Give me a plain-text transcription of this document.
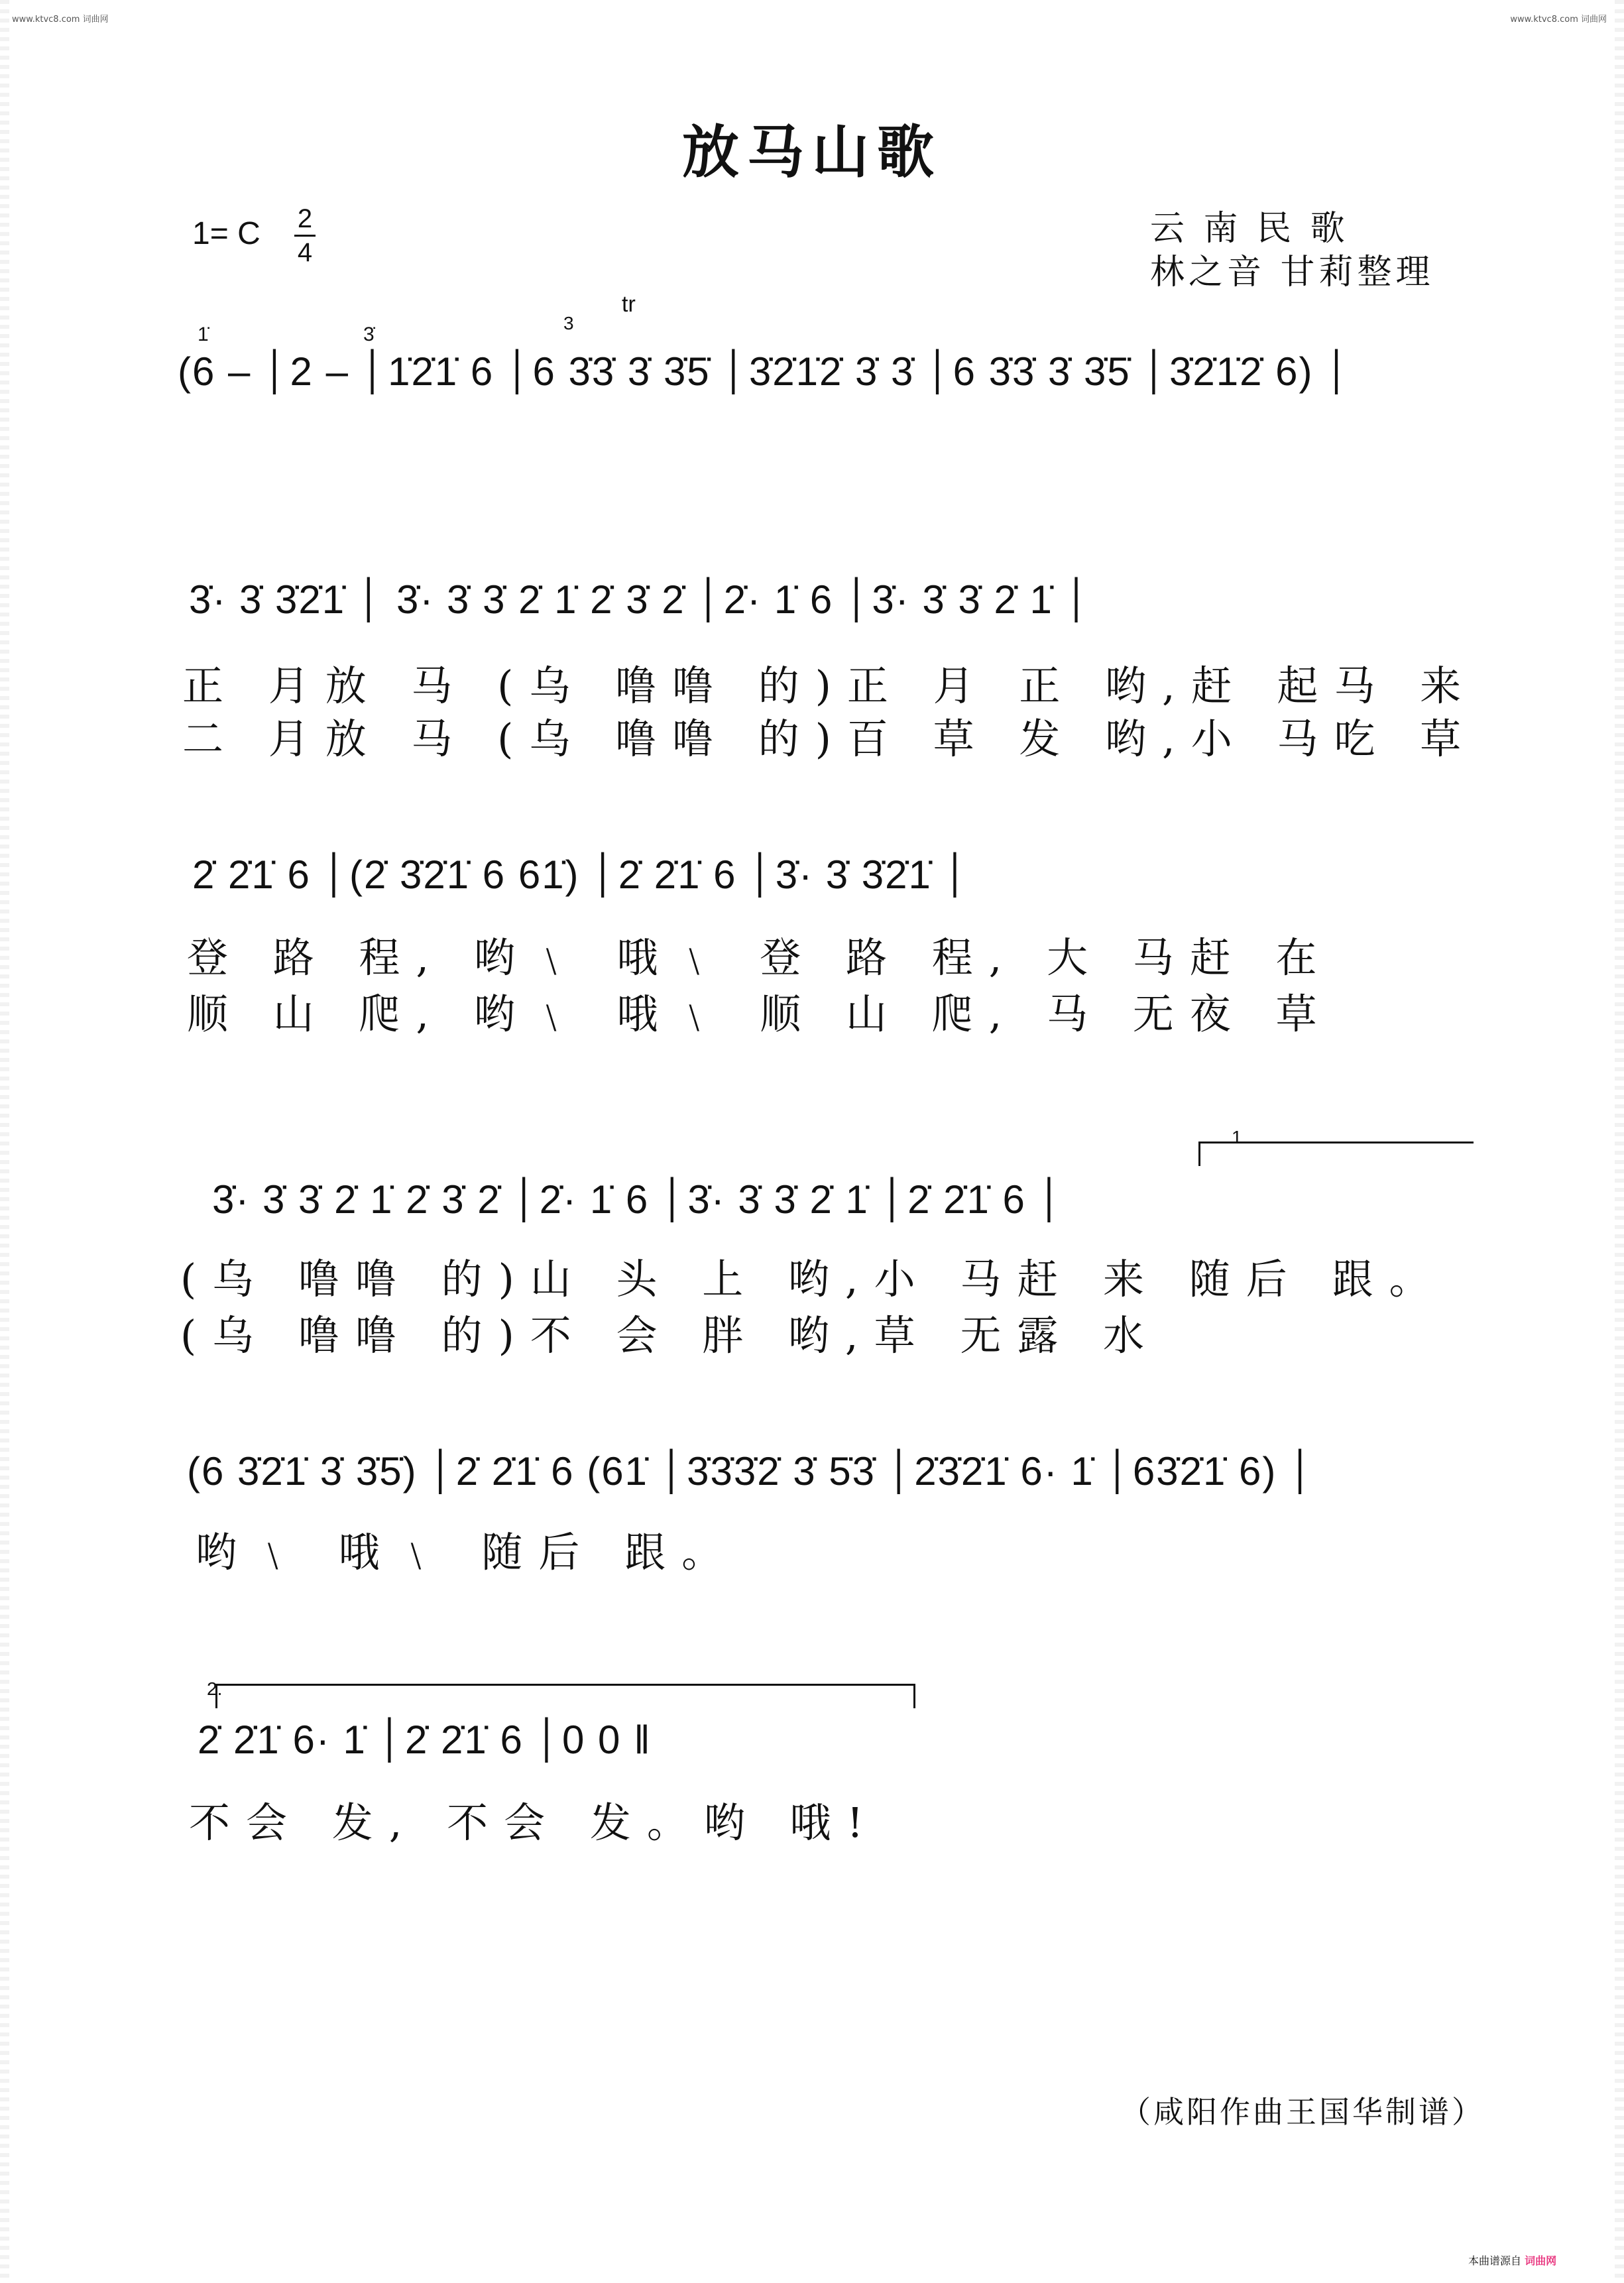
www.ktvc8.com 词曲网	www.ktvc8.com 词曲网
放马山歌
1= C 2
4
云 南 民 歌
林之音 甘莉整理
1̇	3̇
3
tr
(6 – │2 – │1̇2̇1̇ 6 │6 3̇3̇ 3̇ 3̇5̇ │3̇2̇1̇2̇ 3̇ 3̇ │6 3̇3̇ 3̇ 3̇5̇ │3̇2̇1̇2̇ 6) │
3̇· 3̇ 3̇2̇1̇ │ 3̇· 3̇ 3̇ 2̇ 1̇ 2̇ 3̇ 2̇ │2̇· 1̇ 6 │3̇· 3̇ 3̇ 2̇ 1̇ │
正 月放 马 (乌 噜噜 的)正 月 正 哟,赶 起马 来
二 月放 马 (乌 噜噜 的)百 草 发 哟,小 马吃 草
2̇ 2̇1̇ 6 │(2̇ 3̇2̇1̇ 6 61̇) │2̇ 2̇1̇ 6 │3̇· 3̇ 3̇2̇1̇ │
登 路 程, 哟﹨ 哦﹨ 登 路 程, 大 马赶 在
顺 山 爬, 哟﹨ 哦﹨ 顺 山 爬, 马 无夜 草
1.
3̇· 3̇ 3̇ 2̇ 1̇ 2̇ 3̇ 2̇ │2̇· 1̇ 6 │3̇· 3̇ 3̇ 2̇ 1̇ │2̇ 2̇1̇ 6 │
(乌 噜噜 的)山 头 上 哟,小 马赶 来 随后 跟。
(乌 噜噜 的)不 会 胖 哟,草 无露 水
(6 3̇2̇1̇ 3̇ 3̇5̇) │2̇ 2̇1̇ 6 (61̇ │3̇3̇3̇2̇ 3̇ 5̇3̇ │2̇3̇2̇1̇ 6· 1̇ │63̇2̇1̇ 6) │
哟﹨ 哦﹨ 随后 跟。
2.
2̇ 2̇1̇ 6· 1̇ │2̇ 2̇1̇ 6 │0 0 ‖
不会 发, 不会 发。哟 哦!
（咸阳作曲王国华制谱）
本曲谱源自 词曲网
